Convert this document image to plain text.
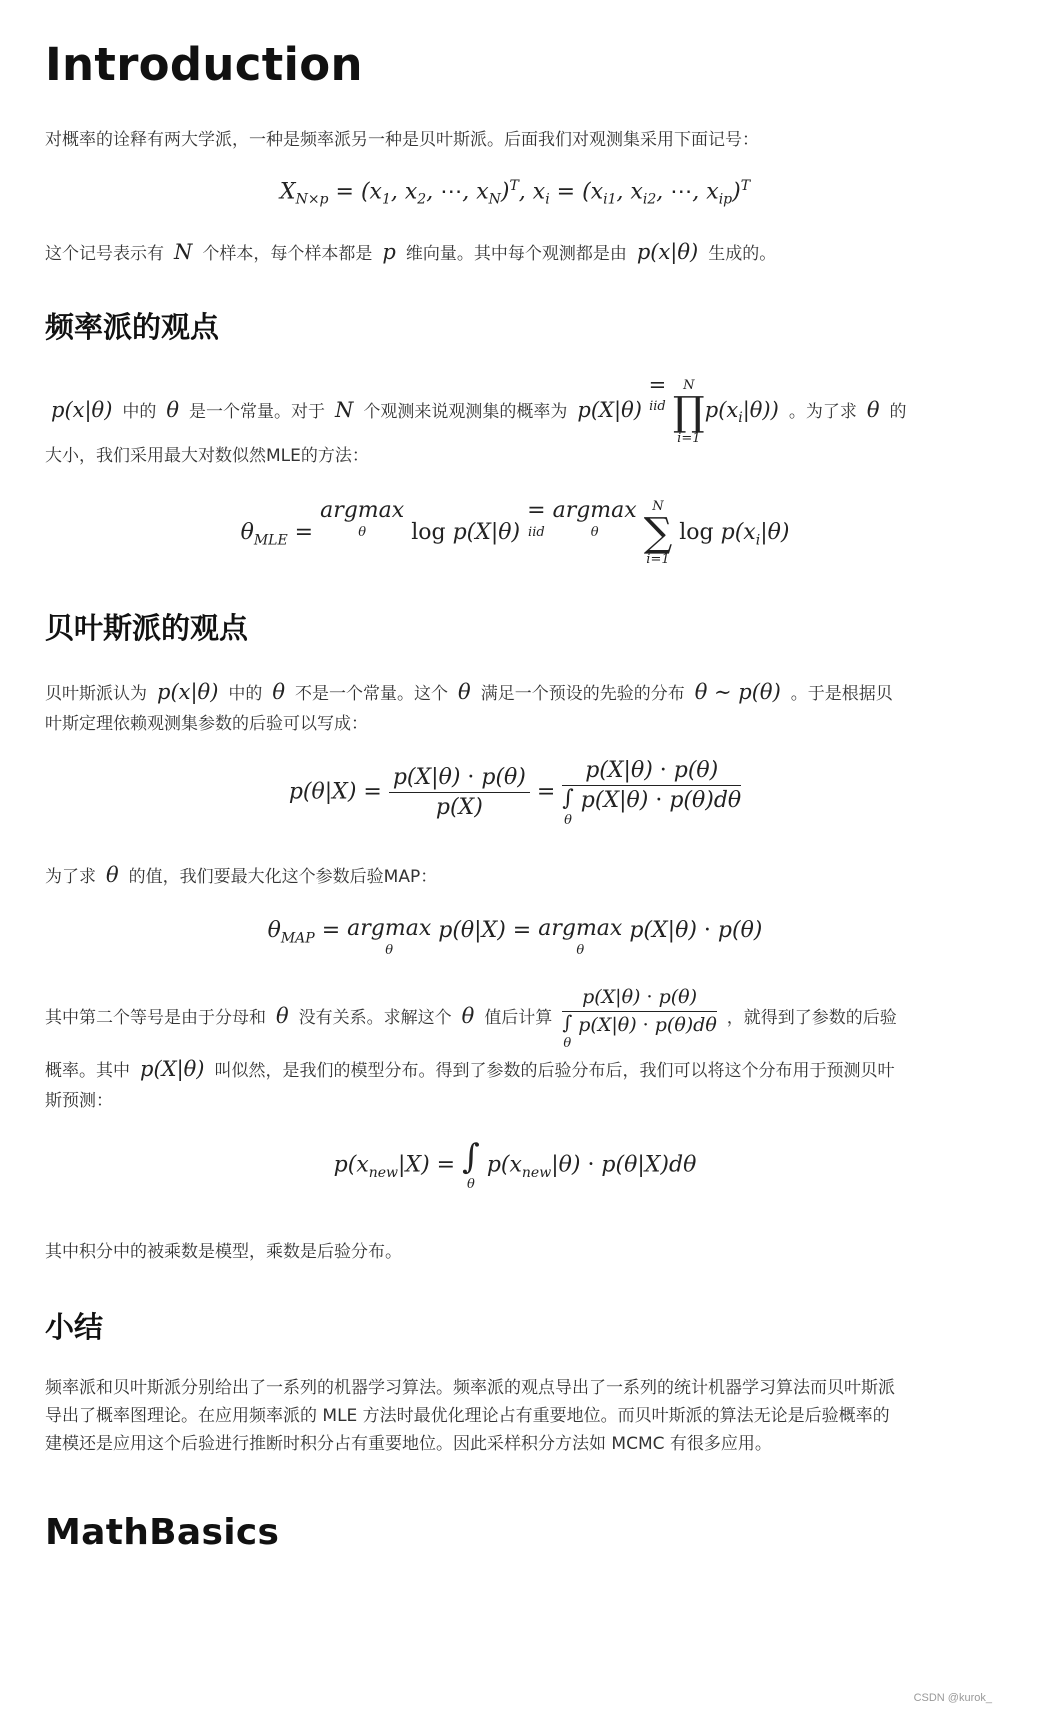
Introduction

对概率的诠释有两大学派，一种是频率派另一种是贝叶斯派。后面我们对观测集采用下面记号：

$X_{N\times p} = (x_1$, $x_2$, ⋯, $x_N)^T$, $x_i = (x_{i1}$, $x_{i2}$, ⋯, $x_{ip})^T$

这个记号表示有 N 个样本，每个样本都是 p 维向量。其中每个观测都是由 p(x|θ) 生成的。

频率派的观点
p(x|θ) 中的 θ 是一个常量。对于 N 个观测来说观测集的概率为 p(X|θ) =
iid

N
∏
i=1
$p(x_i|\theta)$) 。为了求 θ 的
大小，我们采用最大对数似然MLE的方法：
$\theta_{MLE} = argmax$
θ	log p(X|θ) =
iid
argmax
θ

N
∑
i=1
$\log p(x_i|\theta)$
贝叶斯派的观点

贝叶斯派认为 p(x|θ) 中的 θ 不是一个常量。这个 θ 满足一个预设的先验的分布 θ ∼ p(θ) 。于是根据贝
叶斯定理依赖观测集参数的后验可以写成：

$p(\theta|X) = \frac{p(X|\theta) \cdot p(\theta)}{p(X)} = p(X|\theta) \cdot p(\theta)$
∫
θ
p(X|θ) · p(θ)dθ

为了求 θ 的值，我们要最大化这个参数后验MAP：

$\theta_{MAP} = argmax$
θ
p(θ|X) = argmax
θ
p(X|θ) · p(θ)
其中第二个等号是由于分母和 θ 没有关系。求解这个 θ 值后计算 p(X|θ) · p(θ)
∫
θ
p(X|θ) · p(θ)dθ ，就得到了参数的后验
概率。其中 p(X|θ) 叫似然，是我们的模型分布。得到了参数的后验分布后，我们可以将这个分布用于预测贝叶
斯预测：
$p(x_{new}|X)$ = ∫
θ
$p(x_{new}|\theta) \cdot p(\theta|X)d\theta$

其中积分中的被乘数是模型，乘数是后验分布。

小结

频率派和贝叶斯派分别给出了一系列的机器学习算法。频率派的观点导出了一系列的统计机器学习算法而贝叶斯派导出了概率图理论。在应用频率派的 MLE 方法时最优化理论占有重要地位。而贝叶斯派的算法无论是后验概率的建模还是应用这个后验进行推断时积分占有重要地位。因此采样积分方法如 MCMC 有很多应用。

MathBasics
CSDN @kurok_
